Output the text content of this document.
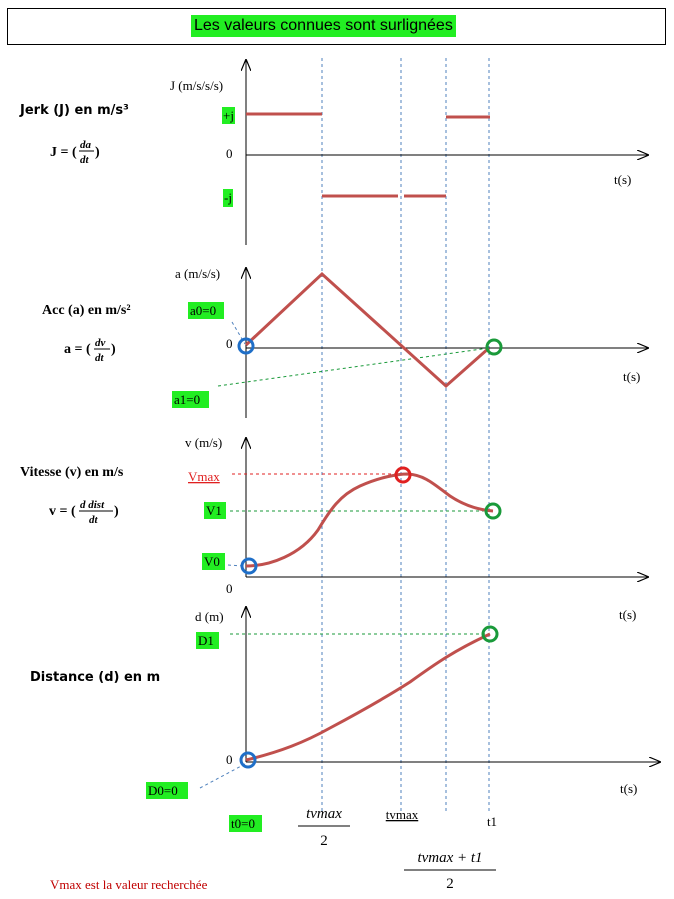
Les valeurs connues sont surlignées
Jerk (J) en m/s³
J = ( da
dt )
J (m/s/s/s)
0
t(s)
+j
-j
Acc (a) en m/s²
a = ( dv
dt
)
a (m/s/s)
0
t(s)
a0=0
a1=0
Vitesse (v) en m/s
v = ( d dist
dt
)
v (m/s)
0
Vmax
V1
V0
t(s)
Distance (d) en m
d (m)
0
t(s)
D1
D0=0
t0=0
tvmax
2
tvmax	t1
tvmax + t1
2
Vmax est la valeur recherchée
